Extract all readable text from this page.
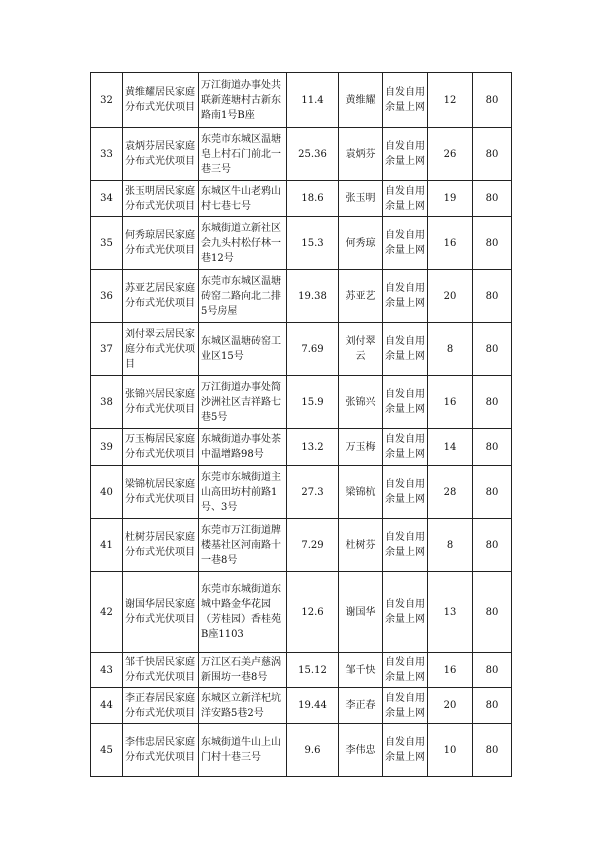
32	黄维耀居民家庭分布式光伏项目	万江街道办事处共联新莲塘村古新东路南1号B座	11.4	黄维耀	自发自用余量上网	12	80
33	袁炳芬居民家庭分布式光伏项目	东莞市东城区温塘皂上村石门前北一巷三号	25.36	袁炳芬	自发自用余量上网	26	80
34	张玉明居民家庭分布式光伏项目	东城区牛山老鸦山村七巷七号	18.6	张玉明	自发自用余量上网	19	80
35	何秀琼居民家庭分布式光伏项目	东城街道立新社区会九头村松仔林一巷12号	15.3	何秀琼	自发自用余量上网	16	80
36	苏亚艺居民家庭分布式光伏项目	东莞市东城区温塘砖窑二路向北二排5号房屋	19.38	苏亚艺	自发自用余量上网	20	80
37	刘付翠云居民家庭分布式光伏项目	东城区温塘砖窑工业区15号	7.69	刘付翠云	自发自用余量上网	8	80
38	张锦兴居民家庭分布式光伏项目	万江街道办事处简沙洲社区吉祥路七巷5号	15.9	张锦兴	自发自用余量上网	16	80
39	万玉梅居民家庭分布式光伏项目	东城街道办事处茶中温增路98号	13.2	万玉梅	自发自用余量上网	14	80
40	梁锦杭居民家庭分布式光伏项目	东莞市东城街道主山高田坊村前路1号、3号	27.3	梁锦杭	自发自用余量上网	28	80
41	杜树芬居民家庭分布式光伏项目	东莞市万江街道牌楼基社区河南路十一巷8号	7.29	杜树芬	自发自用余量上网	8	80
42	谢国华居民家庭分布式光伏项目	东莞市东城街道东城中路金华花园（芳桂园）香桂苑B座1103	12.6	谢国华	自发自用余量上网	13	80
43	邹千快居民家庭分布式光伏项目	万江区石美卢慈涡新围坊一巷8号	15.12	邹千快	自发自用余量上网	16	80
44	李正春居民家庭分布式光伏项目	东城区立新洋杞坑洋安路5巷2号	19.44	李正春	自发自用余量上网	20	80
45	李伟忠居民家庭分布式光伏项目	东城街道牛山上山门村十巷三号	9.6	李伟忠	自发自用余量上网	10	80
